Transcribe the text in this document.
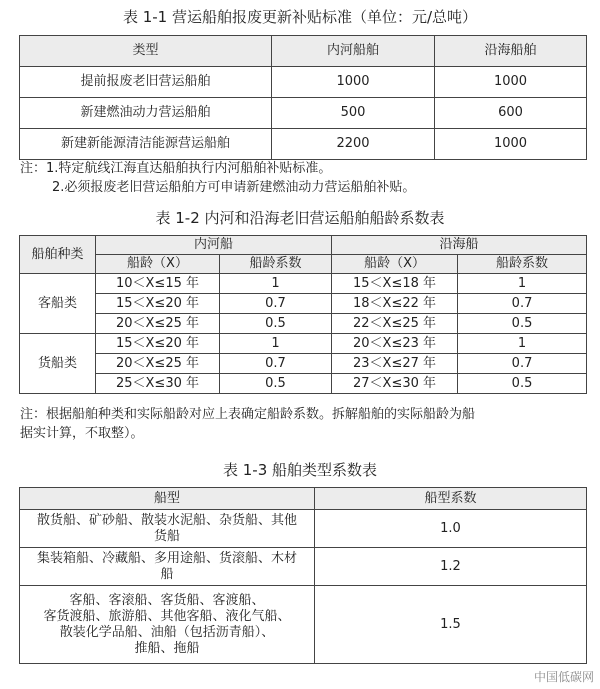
表 1-1 营运船舶报废更新补贴标准（单位：元/总吨）
类型	内河船舶	沿海船舶
提前报废老旧营运船舶	1000	1000
新建燃油动力营运船舶	500	600
新建新能源清洁能源营运船舶	2200	1000
注：1.特定航线江海直达船舶执行内河船舶补贴标准。
2.必须报废老旧营运船舶方可申请新建燃油动力营运船舶补贴。
表 1-2 内河和沿海老旧营运船舶船龄系数表
船舶种类	内河船		沿海船	
	船龄（X）	船龄系数	船龄（X）	船龄系数
客船类	10＜X≤15 年	1	15＜X≤18 年	1
	15＜X≤20 年	0.7	18＜X≤22 年	0.7
	20＜X≤25 年	0.5	22＜X≤25 年	0.5
货船类	15＜X≤20 年	1	20＜X≤23 年	1
	20＜X≤25 年	0.7	23＜X≤27 年	0.7
	25＜X≤30 年	0.5	27＜X≤30 年	0.5
注：根据船舶种类和实际船龄对应上表确定船龄系数。拆解船舶的实际船龄为船
据实计算，不取整）。
表 1-3 船舶类型系数表
船型	船型系数

散货船、矿砂船、散装水泥船、杂货船、其他
货船	1.0

集装箱船、冷藏船、多用途船、货滚船、木材
船	1.2

客船、客滚船、客货船、客渡船、
客货渡船、旅游船、其他客船、液化气船、
散装化学品船、油船（包括沥青船）、
推船、拖船	1.5
中国低碳网
